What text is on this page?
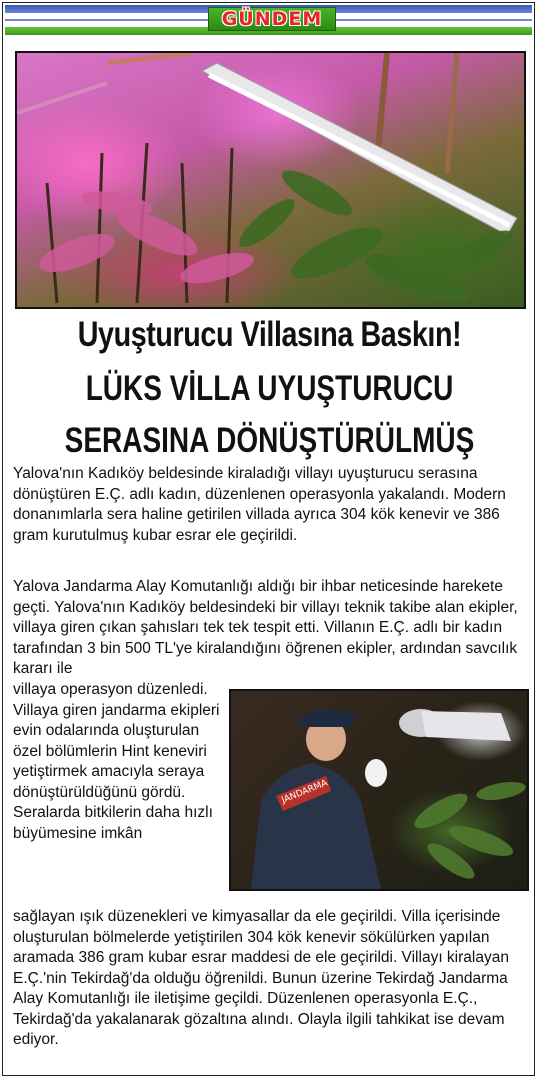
GÜNDEM
Uyuşturucu Villasına Baskın!
LÜKS VİLLA UYUŞTURUCU
SERASINA DÖNÜŞTÜRÜLMÜŞ
Yalova'nın Kadıköy beldesinde kiraladığı villayı uyuşturucu serasına dönüştüren E.Ç. adlı kadın, düzenlenen operasyonla yakalandı. Modern donanımlarla sera haline getirilen villada ayrıca 304 kök kenevir ve 386 gram kurutulmuş kubar esrar ele geçirildi.
Yalova Jandarma Alay Komutanlığı aldığı bir ihbar neticesinde harekete geçti. Yalova'nın Kadıköy beldesindeki bir villayı teknik takibe alan ekipler, villaya giren çıkan şahısları tek tek tespit etti. Villanın E.Ç. adlı bir kadın tarafından 3 bin 500 TL'ye kiralandığını öğrenen ekipler, ardından savcılık kararı ile
villaya operasyon düzenledi. Villaya giren jandarma ekipleri evin odalarında oluşturulan özel bölümlerin Hint keneviri yetiştirmek amacıyla seraya dönüştürüldüğünü gördü. Seralarda bitkilerin daha hızlı büyümesine imkân
JANDARMA
sağlayan ışık düzenekleri ve kimyasallar da ele geçirildi. Villa içerisinde oluşturulan bölmelerde yetiştirilen 304 kök kenevir sökülürken yapılan aramada 386 gram kubar esrar maddesi de ele geçirildi. Villayı kiralayan E.Ç.'nin Tekirdağ'da olduğu öğrenildi. Bunun üzerine Tekirdağ Jandarma Alay Komutanlığı ile iletişime geçildi. Düzenlenen operasyonla E.Ç., Tekirdağ'da yakalanarak gözaltına alındı. Olayla ilgili tahkikat ise devam ediyor.
